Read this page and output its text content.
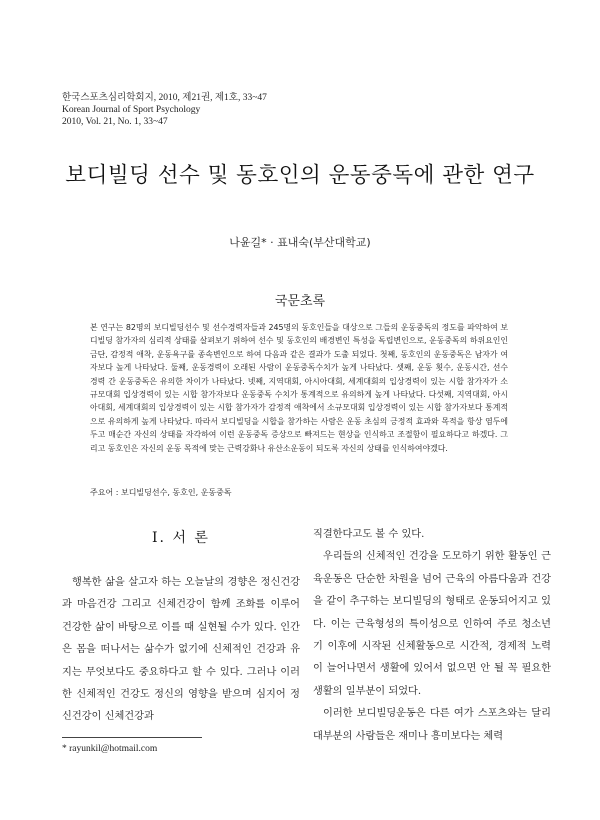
한국스포츠심리학회지, 2010, 제21권, 제1호, 33~47
Korean Journal of Sport Psychology
2010, Vol. 21, No. 1, 33~47
보디빌딩 선수 및 동호인의 운동중독에 관한 연구
나윤길* · 표내숙(부산대학교)
국문초록
본 연구는 82명의 보디빌딩선수 및 선수경력자들과 245명의 동호인들을 대상으로 그들의 운동중독의 정도를 파악하여 보디빌딩 참가자의 심리적 상태를 살펴보기 위하여 선수 및 동호인의 배경변인 특성을 독립변인으로, 운동중독의 하위요인인 금단, 감정적 애착, 운동욕구를 종속변인으로 하여 다음과 같은 결과가 도출 되었다. 첫째, 동호인의 운동중독은 남자가 여자보다 높게 나타났다. 둘째, 운동경력이 오래된 사람이 운동중독수치가 높게 나타났다. 셋째, 운동 횟수, 운동시간, 선수 경력 간 운동중독은 유의한 차이가 나타났다. 넷째, 지역대회, 아시아대회, 세계대회의 입상경력이 있는 시합 참가자가 소규모대회 입상경력이 있는 시합 참가자보다 운동중독 수치가 통계적으로 유의하게 높게 나타났다. 다섯째, 지역대회, 아시아대회, 세계대회의 입상경력이 있는 시합 참가자가 감정적 애착에서 소규모대회 입상경력이 있는 시합 참가자보다 통계적으로 유의하게 높게 나타났다. 따라서 보디빌딩을 시합을 참가하는 사람은 운동 초심의 긍정적 효과와 목적을 항상 염두에 두고 매순간 자신의 상태를 자각하여 이런 운동중독 증상으로 빠져드는 현상을 인식하고 조절함이 필요하다고 하겠다. 그리고 동호인은 자신의 운동 목적에 맞는 근력강화나 유산소운동이 되도록 자신의 상태를 인식하여야겠다.
주요어 : 보디빌딩선수, 동호인, 운동중독
Ⅰ. 서 론

행복한 삶을 살고자 하는 오늘날의 경향은 정신건강과 마음건강 그리고 신체건강이 함께 조화를 이루어 건강한 삶이 바탕으로 이를 때 실현될 수가 있다. 인간은 몸을 떠나서는 삶수가 없기에 신체적인 건강과 유지는 무엇보다도 중요하다고 할 수 있다. 그러나 이러한 신체적인 건강도 정신의 영향을 받으며 심지어 정신건강이 신체건강과

직결한다고도 볼 수 있다.

우리들의 신체적인 건강을 도모하기 위한 활동인 근육운동은 단순한 차원을 넘어 근육의 아름다움과 건강을 같이 추구하는 보디빌딩의 형태로 운동되어지고 있다. 이는 근육형성의 특이성으로 인하여 주로 청소년기 이후에 시작된 신체활동으로 시간적, 경제적 노력이 늘어나면서 생활에 있어서 없으면 안 될 꼭 필요한 생활의 일부분이 되었다.

이러한 보디빌딩운동은 다른 여가 스포츠와는 달리 대부분의 사람들은 재미나 흥미보다는 체력

* rayunkil@hotmail.com
